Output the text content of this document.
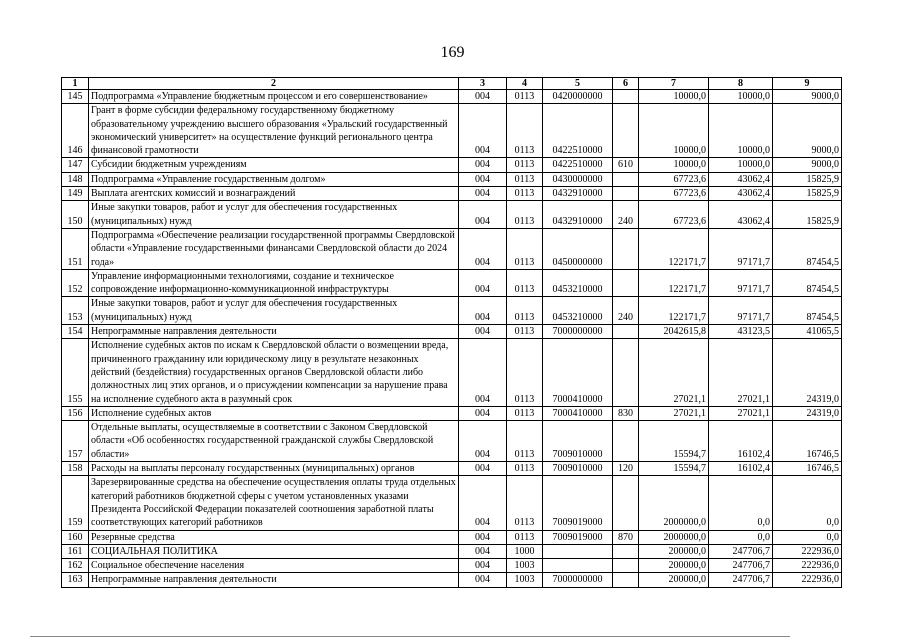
169
1	2	3	4	5	6	7	8	9
145	Подпрограмма «Управление бюджетным процессом и его совершенствование»	004	0113	0420000000		10000,0	10000,0	9000,0
146	Грант в форме субсидии федеральному государственному бюджетному образовательному учреждению высшего образования «Уральский государственный экономический университет» на осуществление функций регионального центра финансовой грамотности	004	0113	0422510000		10000,0	10000,0	9000,0
147	Субсидии бюджетным учреждениям	004	0113	0422510000	610	10000,0	10000,0	9000,0
148	Подпрограмма «Управление государственным долгом»	004	0113	0430000000		67723,6	43062,4	15825,9
149	Выплата агентских комиссий и вознаграждений	004	0113	0432910000		67723,6	43062,4	15825,9
150	Иные закупки товаров, работ и услуг для обеспечения государственных (муниципальных) нужд	004	0113	0432910000	240	67723,6	43062,4	15825,9
151	Подпрограмма «Обеспечение реализации государственной программы Свердловской области «Управление государственными финансами Свердловской области до 2024 года»	004	0113	0450000000		122171,7	97171,7	87454,5
152	Управление информационными технологиями, создание и техническое сопровождение информационно-коммуникационной инфраструктуры	004	0113	0453210000		122171,7	97171,7	87454,5
153	Иные закупки товаров, работ и услуг для обеспечения государственных (муниципальных) нужд	004	0113	0453210000	240	122171,7	97171,7	87454,5
154	Непрограммные направления деятельности	004	0113	7000000000		2042615,8	43123,5	41065,5
155	Исполнение судебных актов по искам к Свердловской области о возмещении вреда, причиненного гражданину или юридическому лицу в результате незаконных действий (бездействия) государственных органов Свердловской области либо должностных лиц этих органов, и о присуждении компенсации за нарушение права на исполнение судебного акта в разумный срок	004	0113	7000410000		27021,1	27021,1	24319,0
156	Исполнение судебных актов	004	0113	7000410000	830	27021,1	27021,1	24319,0
157	Отдельные выплаты, осуществляемые в соответствии с Законом Свердловской области «Об особенностях государственной гражданской службы Свердловской области»	004	0113	7009010000		15594,7	16102,4	16746,5
158	Расходы на выплаты персоналу государственных (муниципальных) органов	004	0113	7009010000	120	15594,7	16102,4	16746,5
159	Зарезервированные средства на обеспечение осуществления оплаты труда отдельных категорий работников бюджетной сферы с учетом установленных указами Президента Российской Федерации показателей соотношения заработной платы соответствующих категорий работников	004	0113	7009019000		2000000,0	0,0	0,0
160	Резервные средства	004	0113	7009019000	870	2000000,0	0,0	0,0
161	СОЦИАЛЬНАЯ ПОЛИТИКА	004	1000			200000,0	247706,7	222936,0
162	Социальное обеспечение населения	004	1003			200000,0	247706,7	222936,0
163	Непрограммные направления деятельности	004	1003	7000000000		200000,0	247706,7	222936,0
